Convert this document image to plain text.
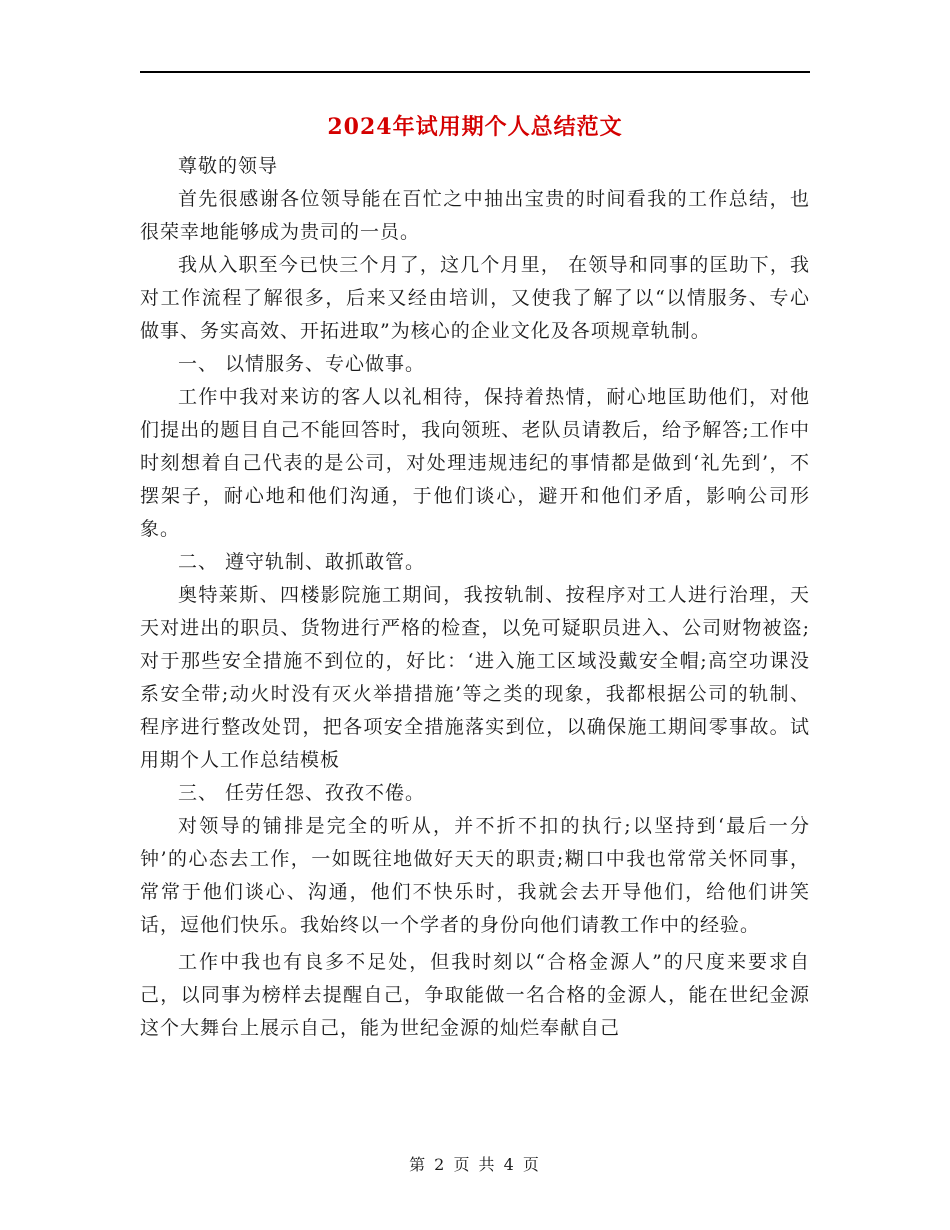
2024年试用期个人总结范文

尊敬的领导

首先很感谢各位领导能在百忙之中抽出宝贵的时间看我的工作总结，也很荣幸地能够成为贵司的一员。

我从入职至今已快三个月了，这几个月里， 在领导和同事的匡助下，我对工作流程了解很多，后来又经由培训，又使我了解了以“以情服务、专心做事、务实高效、开拓进取”为核心的企业文化及各项规章轨制。

一、 以情服务、专心做事。

工作中我对来访的客人以礼相待，保持着热情，耐心地匡助他们，对他们提出的题目自己不能回答时，我向领班、老队员请教后，给予解答;工作中时刻想着自己代表的是公司，对处理违规违纪的事情都是做到‘礼先到’，不摆架子，耐心地和他们沟通，于他们谈心，避开和他们矛盾，影响公司形象。

二、 遵守轨制、敢抓敢管。

奥特莱斯、四楼影院施工期间，我按轨制、按程序对工人进行治理，天天对进出的职员、货物进行严格的检查，以免可疑职员进入、公司财物被盗;对于那些安全措施不到位的，好比：‘进入施工区域没戴安全帽;高空功课没系安全带;动火时没有灭火举措措施’等之类的现象，我都根据公司的轨制、程序进行整改处罚，把各项安全措施落实到位，以确保施工期间零事故。试用期个人工作总结模板

三、 任劳任怨、孜孜不倦。

对领导的铺排是完全的听从，并不折不扣的执行;以坚持到‘最后一分钟’的心态去工作，一如既往地做好天天的职责;糊口中我也常常关怀同事，常常于他们谈心、沟通，他们不快乐时，我就会去开导他们，给他们讲笑话，逗他们快乐。我始终以一个学者的身份向他们请教工作中的经验。

工作中我也有良多不足处，但我时刻以“合格金源人”的尺度来要求自己，以同事为榜样去提醒自己，争取能做一名合格的金源人，能在世纪金源这个大舞台上展示自己，能为世纪金源的灿烂奉献自己

第 2 页 共 4 页
